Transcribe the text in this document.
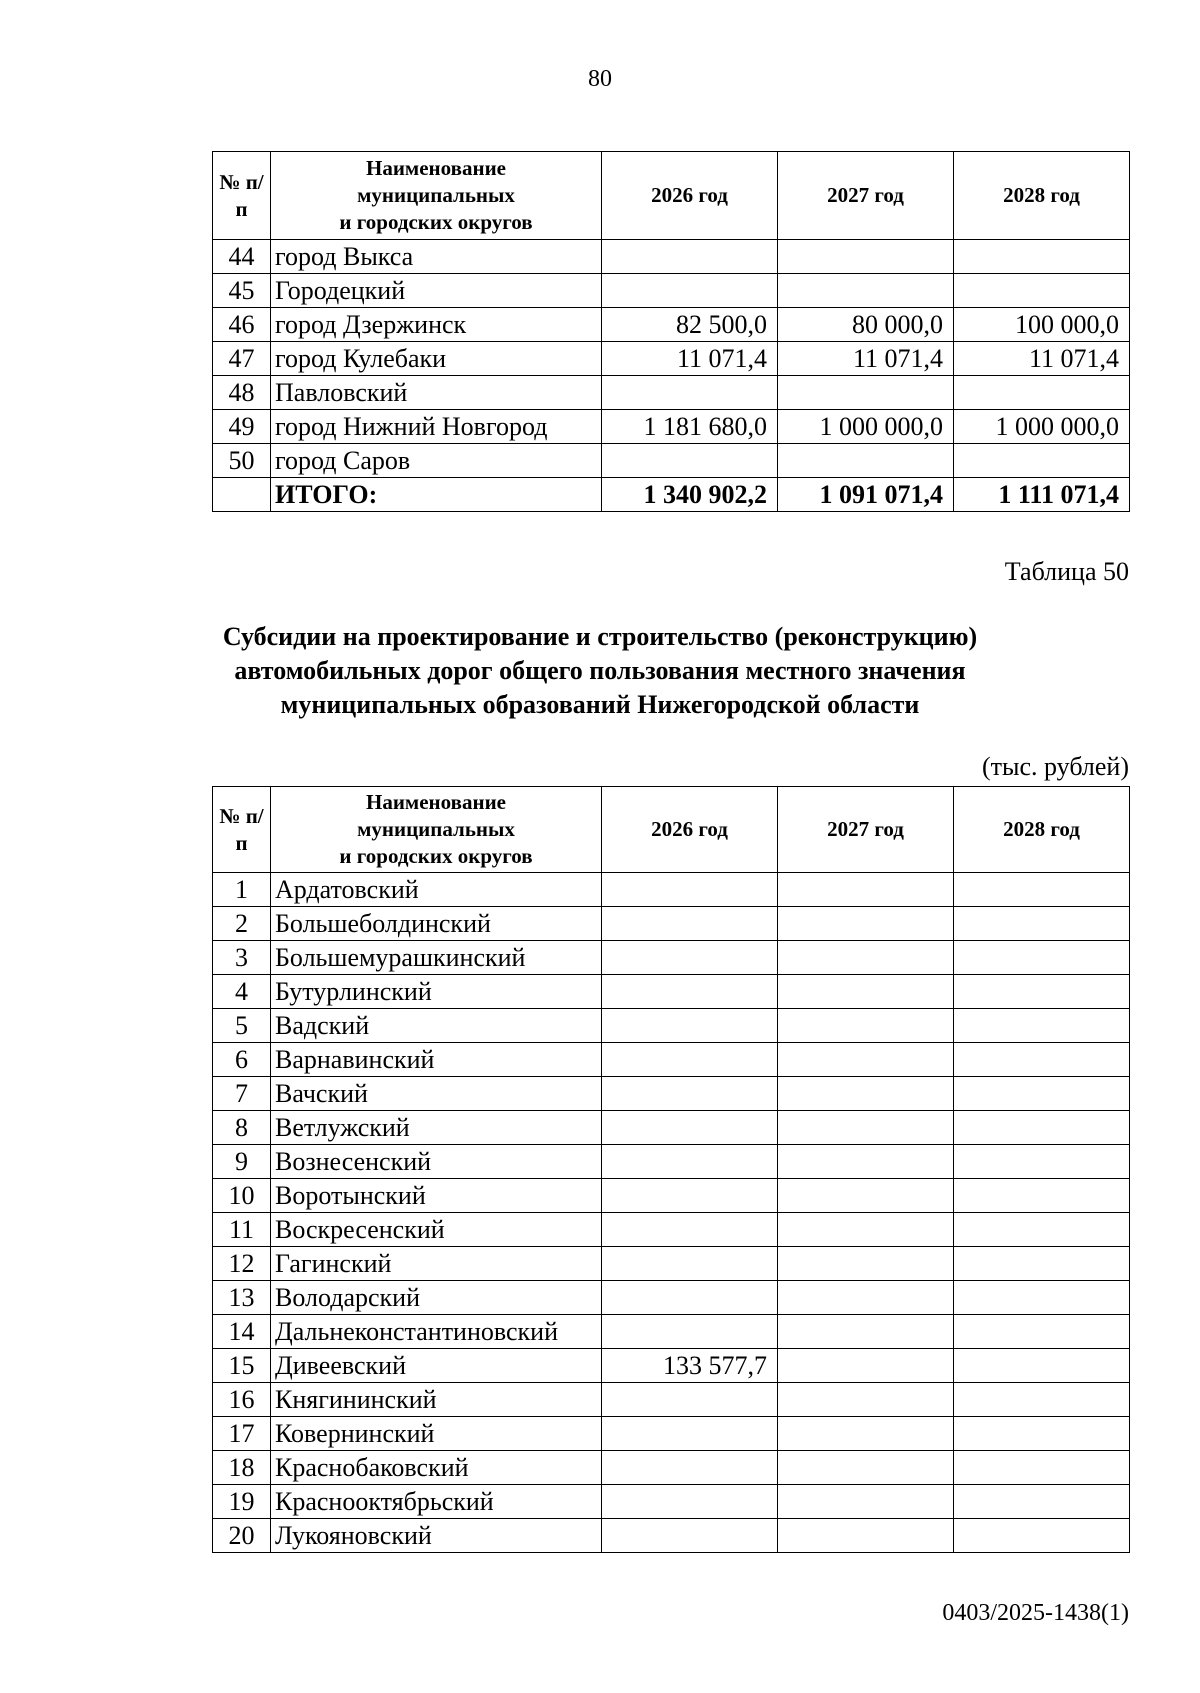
80
№ п/п	Наименование
муниципальных
и городских округов	2026 год	2027 год	2028 год
44	город Выкса			
45	Городецкий			
46	город Дзержинск	82 500,0	80 000,0	100 000,0
47	город Кулебаки	11 071,4	11 071,4	11 071,4
48	Павловский			
49	город Нижний Новгород	1 181 680,0	1 000 000,0	1 000 000,0
50	город Саров			
	ИТОГО:	1 340 902,2	1 091 071,4	1 111 071,4
Таблица 50
Субсидии на проектирование и строительство (реконструкцию)
автомобильных дорог общего пользования местного значения
муниципальных образований Нижегородской области
(тыс. рублей)
№ п/п	Наименование
муниципальных
и городских округов	2026 год	2027 год	2028 год
1	Ардатовский			
2	Большеболдинский			
3	Большемурашкинский			
4	Бутурлинский			
5	Вадский			
6	Варнавинский			
7	Вачский			
8	Ветлужский			
9	Вознесенский			
10	Воротынский			
11	Воскресенский			
12	Гагинский			
13	Володарский			
14	Дальнеконстантиновский			
15	Дивеевский	133 577,7		
16	Княгининский			
17	Ковернинский			
18	Краснобаковский			
19	Краснооктябрьский			
20	Лукояновский			
0403/2025-1438(1)
